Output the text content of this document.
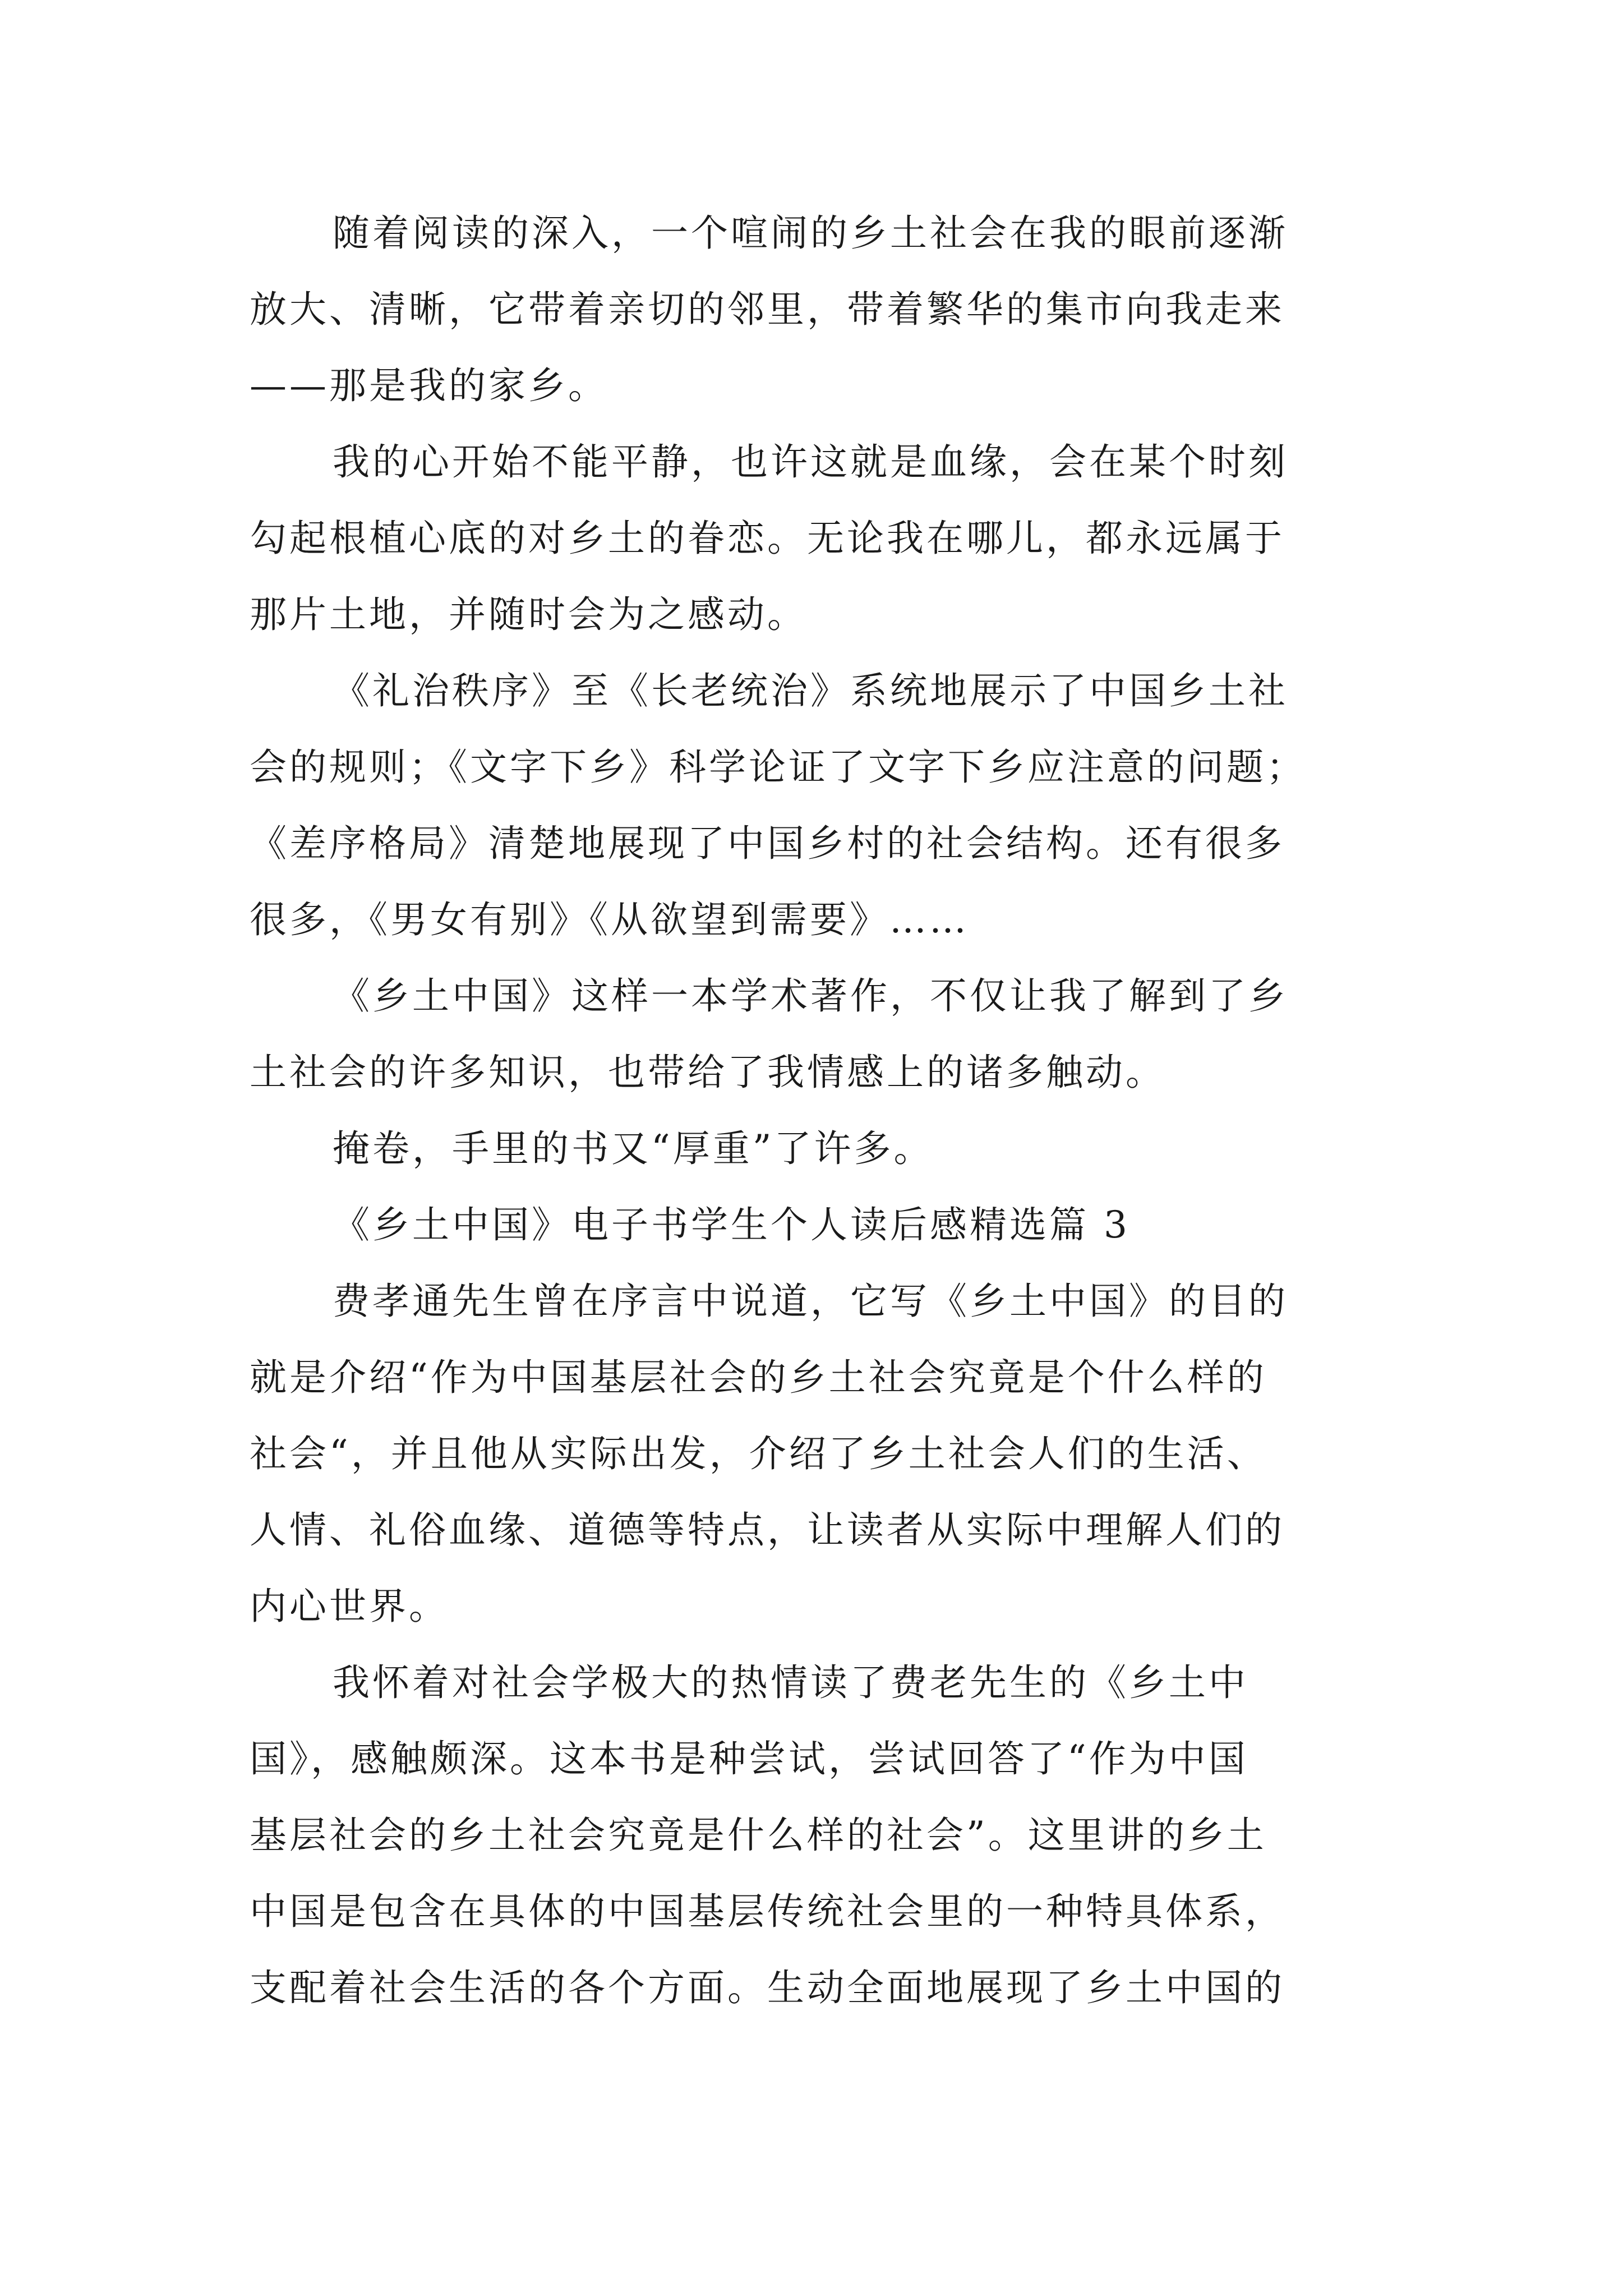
随着阅读的深入，一个喧闹的乡土社会在我的眼前逐渐
放大、清晰，它带着亲切的邻里，带着繁华的集市向我走来
——那是我的家乡。

我的心开始不能平静，也许这就是血缘，会在某个时刻
勾起根植心底的对乡土的眷恋。无论我在哪儿，都永远属于
那片土地，并随时会为之感动。

《礼治秩序》至《长老统治》系统地展示了中国乡土社
会的规则；《文字下乡》科学论证了文字下乡应注意的问题；
《差序格局》清楚地展现了中国乡村的社会结构。还有很多
很多，《男女有别》《从欲望到需要》……

《乡土中国》这样一本学术著作，不仅让我了解到了乡
土社会的许多知识，也带给了我情感上的诸多触动。

掩卷，手里的书又“厚重”了许多。

《乡土中国》电子书学生个人读后感精选篇 3

费孝通先生曾在序言中说道，它写《乡土中国》的目的
就是介绍“作为中国基层社会的乡土社会究竟是个什么样的
社会“，并且他从实际出发，介绍了乡土社会人们的生活、
人情、礼俗血缘、道德等特点，让读者从实际中理解人们的
内心世界。

我怀着对社会学极大的热情读了费老先生的《乡土中
国》，感触颇深。这本书是种尝试，尝试回答了“作为中国
基层社会的乡土社会究竟是什么样的社会”。这里讲的乡土
中国是包含在具体的中国基层传统社会里的一种特具体系，
支配着社会生活的各个方面。生动全面地展现了乡土中国的
